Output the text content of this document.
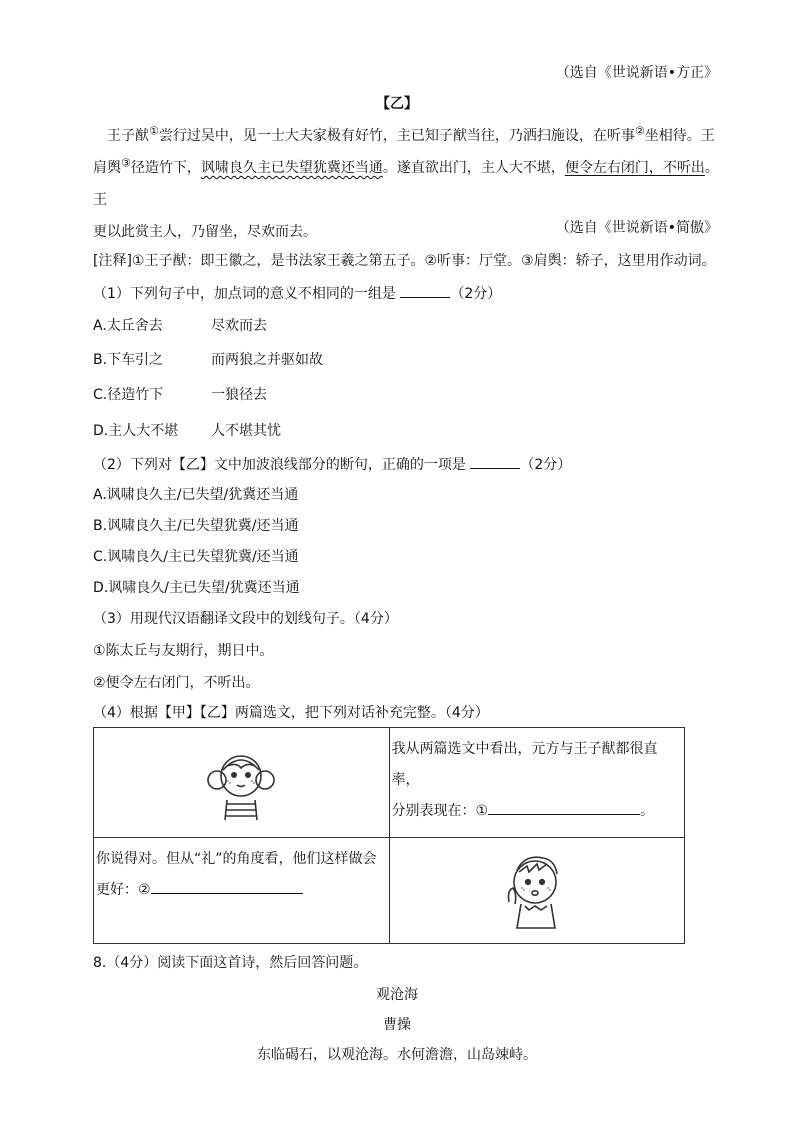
（选自《世说新语•方正》
【乙】

王子猷①尝行过吴中，见一士大夫家极有好竹，主已知子猷当往，乃洒扫施设，在听事②坐相待。王

肩舆③径造竹下，讽啸良久主已失望犹冀还当通。遂直欲出门，主人大不堪，便令左右闭门，不听出。王

更以此赏主人，乃留坐，尽欢而去。	（选自《世说新语•简傲》
[注释]①王子猷：即王徽之，是书法家王羲之第五子。②听事：厅堂。③肩舆：轿子，这里用作动词。
（1）下列句子中，加点词的意义不相同的一组是	（2分）
A.太丘舍去	尽欢而去
B.下车引之	而两狼之并驱如故
C.径造竹下	一狼径去
D.主人大不堪 人不堪其忧
（2）下列对【乙】文中加波浪线部分的断句，正确的一项是	（2分）
A.讽啸良久主/已失望/犹冀还当通
B.讽啸良久主/已失望犹冀/还当通
C.讽啸良久/主已失望犹冀/还当通
D.讽啸良久/主已失望/犹冀还当通
（3）用现代汉语翻译文段中的划线句子。（4分）
①陈太丘与友期行，期日中。
②便令左右闭门，不听出。
（4）根据【甲】【乙】两篇选文，把下列对话补充完整。（4分）

我从两篇选文中看出，元方与王子猷都很直率，
分别表现在：① 。

你说得对。但从“礼”的角度看，他们这样做会
更好：②

8.（4分）阅读下面这首诗，然后回答问题。
观沧海
曹操
东临碣石，以观沧海。水何澹澹，山岛竦峙。
